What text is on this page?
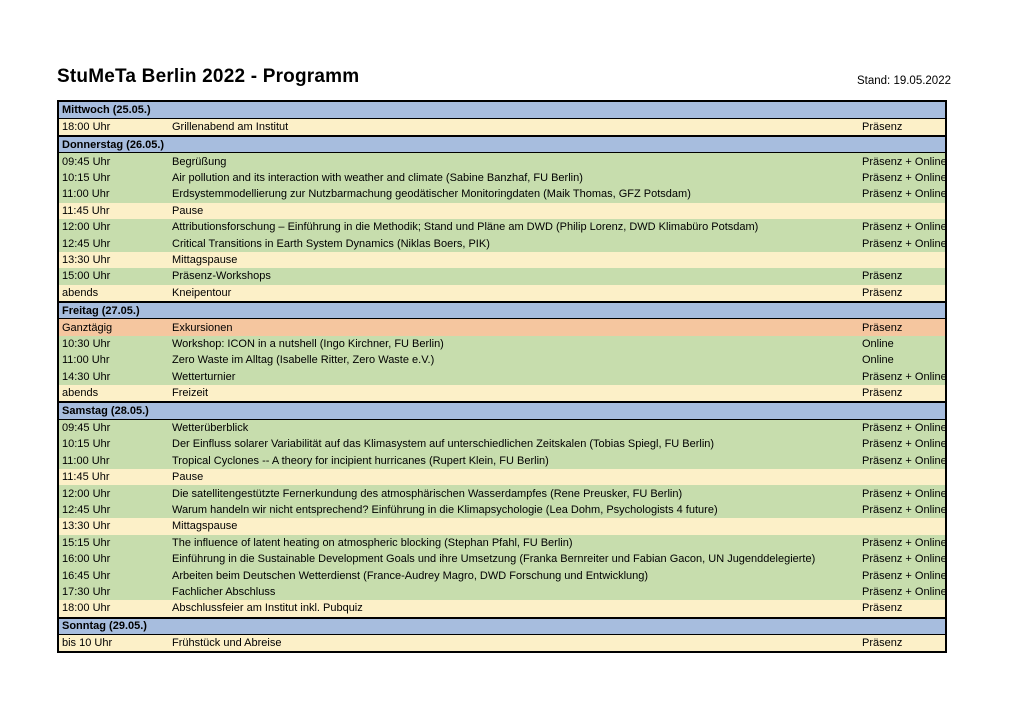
StuMeTa Berlin 2022 - Programm	Stand: 19.05.2022
Mittwoch (25.05.)
18:00 Uhr	Grillenabend am Institut	Präsenz
Donnerstag (26.05.)
09:45 Uhr	Begrüßung	Präsenz + Online
10:15 Uhr	Air pollution and its interaction with weather and climate (Sabine Banzhaf, FU Berlin)	Präsenz + Online
11:00 Uhr	Erdsystemmodellierung zur Nutzbarmachung geodätischer Monitoringdaten (Maik Thomas, GFZ Potsdam)	Präsenz + Online
11:45 Uhr	Pause
12:00 Uhr	Attributionsforschung – Einführung in die Methodik; Stand und Pläne am DWD (Philip Lorenz, DWD Klimabüro Potsdam)	Präsenz + Online
12:45 Uhr	Critical Transitions in Earth System Dynamics (Niklas Boers, PIK)	Präsenz + Online
13:30 Uhr	Mittagspause
15:00 Uhr	Präsenz-Workshops	Präsenz
abends	Kneipentour	Präsenz
Freitag (27.05.)
Ganztägig	Exkursionen	Präsenz
10:30 Uhr	Workshop: ICON in a nutshell (Ingo Kirchner, FU Berlin)	Online
11:00 Uhr	Zero Waste im Alltag (Isabelle Ritter, Zero Waste e.V.)	Online
14:30 Uhr	Wetterturnier	Präsenz + Online
abends	Freizeit	Präsenz
Samstag (28.05.)
09:45 Uhr	Wetterüberblick	Präsenz + Online
10:15 Uhr	Der Einfluss solarer Variabilität auf das Klimasystem auf unterschiedlichen Zeitskalen (Tobias Spiegl, FU Berlin)	Präsenz + Online
11:00 Uhr	Tropical Cyclones -- A theory for incipient hurricanes (Rupert Klein, FU Berlin)	Präsenz + Online
11:45 Uhr	Pause
12:00 Uhr	Die satellitengestützte Fernerkundung des atmosphärischen Wasserdampfes (Rene Preusker, FU Berlin)	Präsenz + Online
12:45 Uhr	Warum handeln wir nicht entsprechend? Einführung in die Klimapsychologie (Lea Dohm, Psychologists 4 future)	Präsenz + Online
13:30 Uhr	Mittagspause
15:15 Uhr	The influence of latent heating on atmospheric blocking (Stephan Pfahl, FU Berlin)	Präsenz + Online
16:00 Uhr	Einführung in die Sustainable Development Goals und ihre Umsetzung (Franka Bernreiter und Fabian Gacon, UN Jugenddelegierte)	Präsenz + Online
16:45 Uhr	Arbeiten beim Deutschen Wetterdienst (France-Audrey Magro, DWD Forschung und Entwicklung)	Präsenz + Online
17:30 Uhr	Fachlicher Abschluss	Präsenz + Online
18:00 Uhr	Abschlussfeier am Institut inkl. Pubquiz	Präsenz
Sonntag (29.05.)
bis 10 Uhr	Frühstück und Abreise	Präsenz
